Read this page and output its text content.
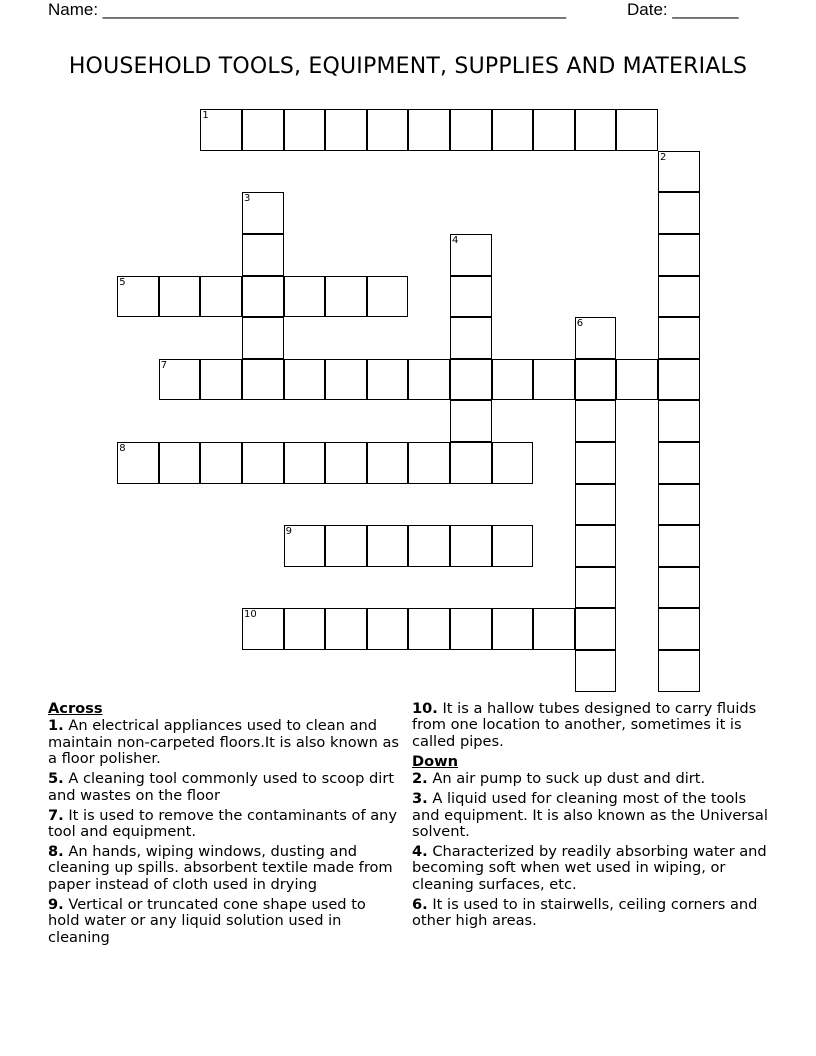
Name: _________________________________________________	Date: _______
HOUSEHOLD TOOLS, EQUIPMENT, SUPPLIES AND MATERIALS
1
2
3
4
5
6
7
8
9
10
Across
1. An electrical appliances used to clean and maintain non-carpeted floors.It is also known as a floor polisher.
5. A cleaning tool commonly used to scoop dirt and wastes on the floor
7. It is used to remove the contaminants of any tool and equipment.
8. An hands, wiping windows, dusting and cleaning up spills. absorbent textile made from paper instead of cloth used in drying
9. Vertical or truncated cone shape used to hold water or any liquid solution used in cleaning
10. It is a hallow tubes designed to carry fluids from one location to another, sometimes it is called pipes.
Down
2. An air pump to suck up dust and dirt.
3. A liquid used for cleaning most of the tools and equipment. It is also known as the Universal solvent.
4. Characterized by readily absorbing water and becoming soft when wet used in wiping, or cleaning surfaces, etc.
6. It is used to in stairwells, ceiling corners and other high areas.
